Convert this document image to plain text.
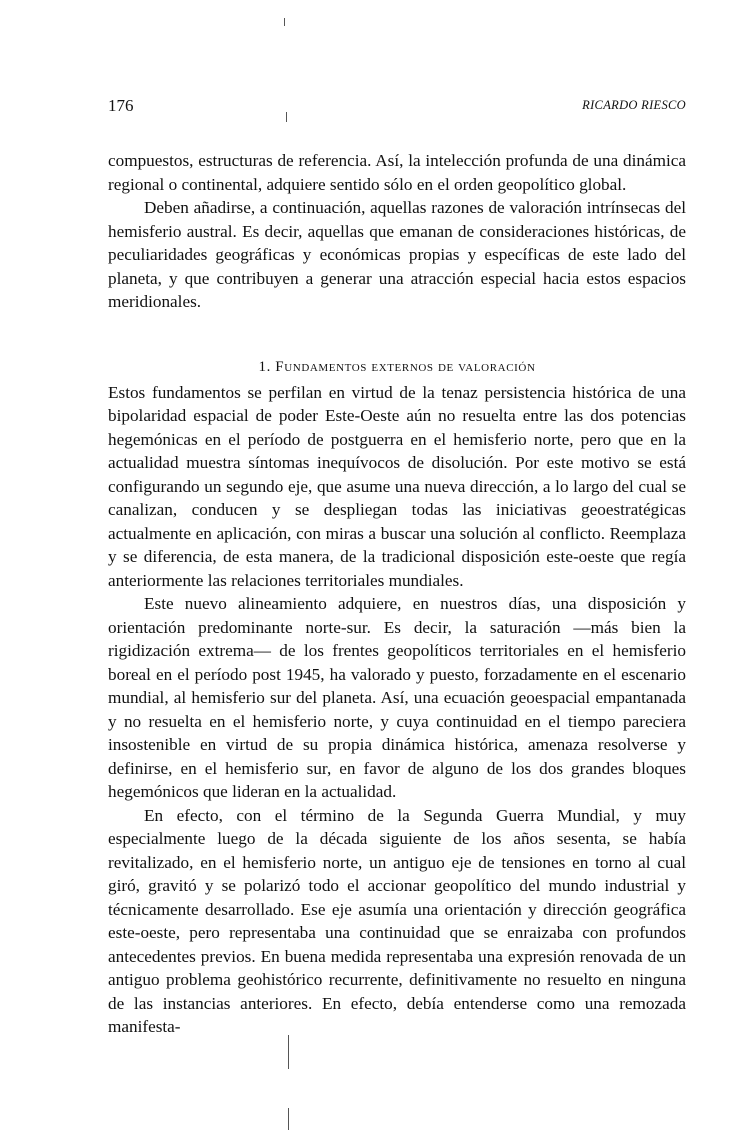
176	RICARDO RIESCO

compuestos, estructuras de referencia. Así, la intelección profunda de una dinámica regional o continental, adquiere sentido sólo en el orden geopolítico global.

Deben añadirse, a continuación, aquellas razones de valoración intrínsecas del hemisferio austral. Es decir, aquellas que emanan de consideraciones históricas, de peculiaridades geográficas y económicas propias y específicas de este lado del planeta, y que contribuyen a generar una atracción especial hacia estos espacios meridionales.

1. Fundamentos externos de valoración

Estos fundamentos se perfilan en virtud de la tenaz persistencia histórica de una bipolaridad espacial de poder Este-Oeste aún no resuelta entre las dos potencias hegemónicas en el período de postguerra en el hemisferio norte, pero que en la actualidad muestra síntomas inequívocos de disolución. Por este motivo se está configurando un segundo eje, que asume una nueva dirección, a lo largo del cual se canalizan, conducen y se despliegan todas las iniciativas geoestratégicas actualmente en aplicación, con miras a buscar una solución al conflicto. Reemplaza y se diferencia, de esta manera, de la tradicional disposición este-oeste que regía anteriormente las relaciones territoriales mundiales.

Este nuevo alineamiento adquiere, en nuestros días, una disposición y orientación predominante norte-sur. Es decir, la saturación —más bien la rigidización extrema— de los frentes geopolíticos territoriales en el hemisferio boreal en el período post 1945, ha valorado y puesto, forzadamente en el escenario mundial, al hemisferio sur del planeta. Así, una ecuación geoespacial empantanada y no resuelta en el hemisferio norte, y cuya continuidad en el tiempo pareciera insostenible en virtud de su propia dinámica histórica, amenaza resolverse y definirse, en el hemisferio sur, en favor de alguno de los dos grandes bloques hegemónicos que lideran en la actualidad.

En efecto, con el término de la Segunda Guerra Mundial, y muy especialmente luego de la década siguiente de los años sesenta, se había revitalizado, en el hemisferio norte, un antiguo eje de tensiones en torno al cual giró, gravitó y se polarizó todo el accionar geopolítico del mundo industrial y técnicamente desarrollado. Ese eje asumía una orientación y dirección geográfica este-oeste, pero representaba una continuidad que se enraizaba con profundos antecedentes previos. En buena medida representaba una expresión renovada de un antiguo problema geohistórico recurrente, definitivamente no resuelto en ninguna de las instancias anteriores. En efecto, debía entenderse como una remozada manifesta-
